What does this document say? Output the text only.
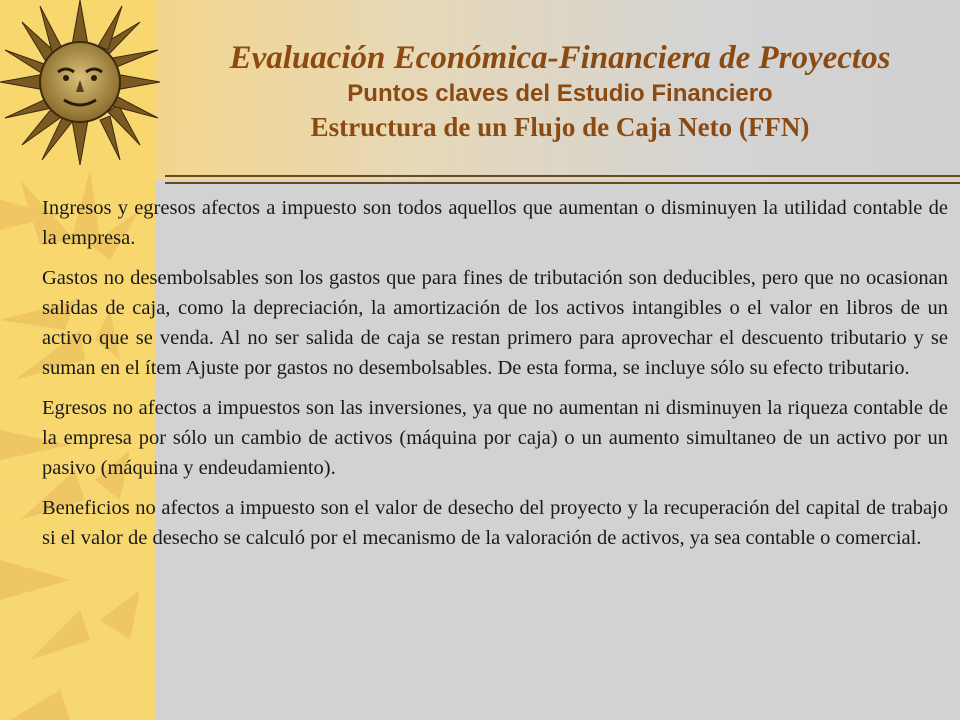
Evaluación Económica-Financiera de Proyectos

Puntos claves del Estudio Financiero

Estructura de un Flujo de Caja Neto (FFN)

Ingresos y egresos afectos a impuesto son todos aquellos que aumentan o disminuyen la utilidad contable de la empresa.

Gastos no desembolsables son los gastos que para fines de tributación son deducibles, pero que no ocasionan salidas de caja, como la depreciación, la amortización de los activos intangibles o el valor en libros de un activo que se venda. Al no ser salida de caja se restan primero para aprovechar el descuento tributario y se suman en el ítem Ajuste por gastos no desembolsables. De esta forma, se incluye sólo su efecto tributario.

Egresos no afectos a impuestos son las inversiones, ya que no aumentan ni disminuyen la riqueza contable de la empresa por sólo un cambio de activos (máquina por caja) o un aumento simultaneo de un activo por un pasivo (máquina y endeudamiento).

Beneficios no afectos a impuesto son el valor de desecho del proyecto y la recuperación del capital de trabajo si el valor de desecho se calculó por el mecanismo de la valoración de activos, ya sea contable o comercial.
